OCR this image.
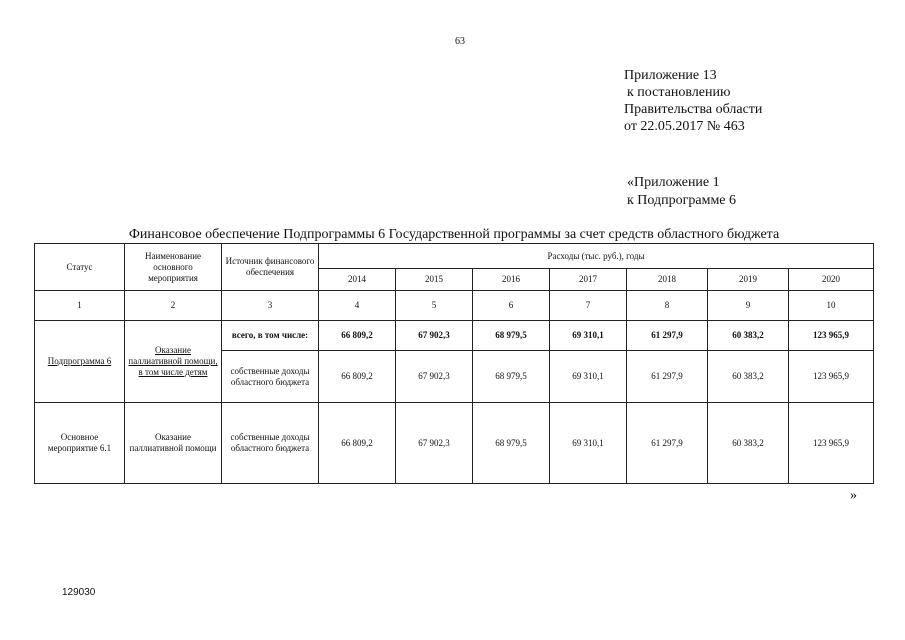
63
Приложение 13
к постановлению
Правительства области
от 22.05.2017 № 463
«Приложение 1
к Подпрограмме 6
Финансовое обеспечение Подпрограммы 6 Государственной программы за счет средств областного бюджета
Статус	Наименование основного мероприятия	Источник финансового обеспечения	Расходы (тыс. руб.), годы						
			2014	2015	2016	2017	2018	2019	2020
1	2	3	4	5	6	7	8	9	10
Подпрограмма 6	Оказание паллиативной помощи, в том числе детям	всего, в том числе:	66 809,2	67 902,3	68 979,5	69 310,1	61 297,9	60 383,2	123 965,9
		собственные доходы областного бюджета	66 809,2	67 902,3	68 979,5	69 310,1	61 297,9	60 383,2	123 965,9
Основное мероприятие 6.1	Оказание паллиативной помощи	собственные доходы областного бюджета	66 809,2	67 902,3	68 979,5	69 310,1	61 297,9	60 383,2	123 965,9
»
129030
